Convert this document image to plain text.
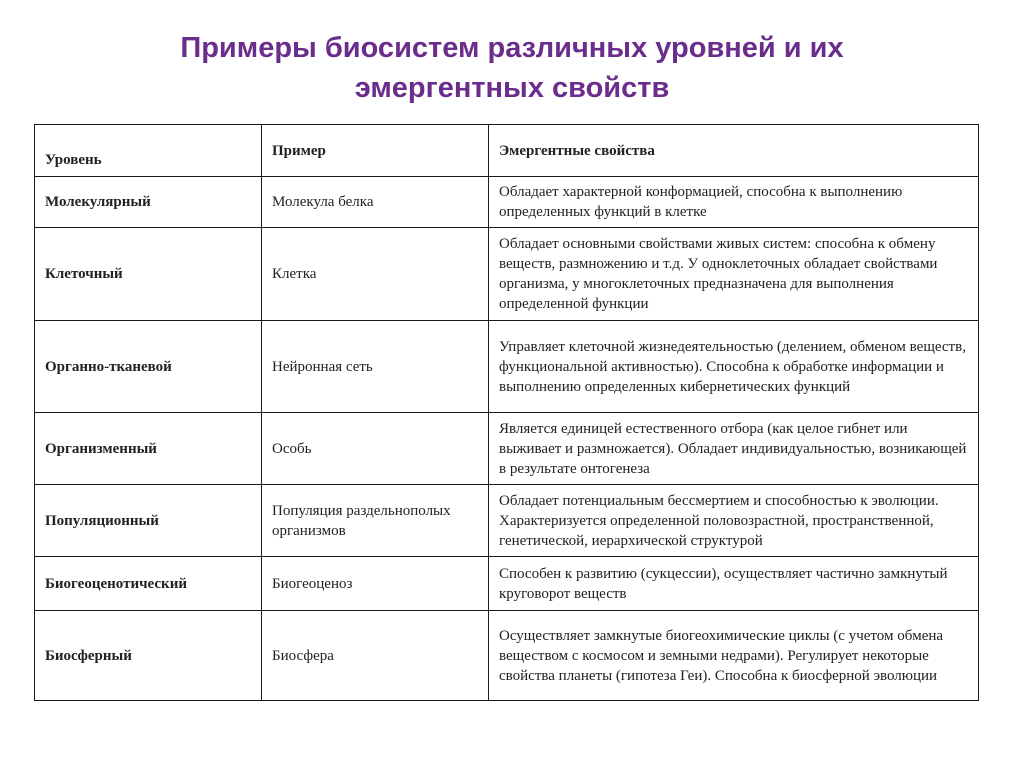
Примеры биосистем различных уровней и их
эмергентных свойств
Уровень	Пример	Эмергентные свойства
Молекулярный	Молекула белка	Обладает характерной конформацией, способна к выполнению определенных функций в клетке
Клеточный	Клетка	Обладает основными свойствами живых систем: способна к обмену веществ, размножению и т.д. У одноклеточных обладает свойствами организма, у многоклеточных предназначена для выполнения определенной функции
Органно-тканевой	Нейронная сеть	Управляет клеточной жизнедеятельностью (делением, обменом веществ, функциональной активностью). Способна к обработке информации и выполнению определенных кибернетических функций
Организменный	Особь	Является единицей естественного отбора (как целое гибнет или выживает и размножается). Обладает индивидуальностью, возникающей в результате онтогенеза
Популяционный	Популяция раздельнополых организмов	Обладает потенциальным бессмертием и способностью к эволюции. Характеризуется определенной половозрастной, пространственной, генетической, иерархической структурой
Биогеоценотический	Биогеоценоз	Способен к развитию (сукцессии), осуществляет частично замкнутый круговорот веществ
Биосферный	Биосфера	Осуществляет замкнутые биогеохимические циклы (с учетом обмена веществом с космосом и земными недрами). Регулирует некоторые свойства планеты (гипотеза Геи). Способна к биосферной эволюции
